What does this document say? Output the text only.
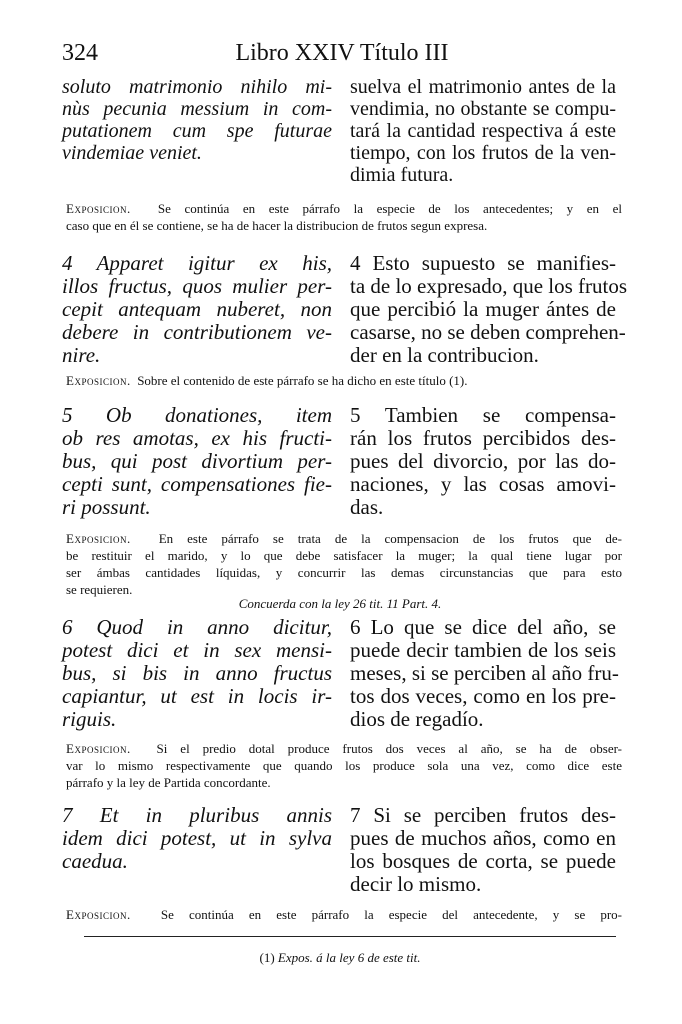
324	Libro XXIV Título III
soluto matrimonio nihilo mi-
nùs pecunia messium in com-
putationem cum spe futurae
vindemiae veniet.
suelva el matrimonio antes de la
vendimia, no obstante se compu-
tará la cantidad respectiva á este
tiempo, con los frutos de la ven-
dimia futura.
Exposicion. Se continúa en este párrafo la especie de los antecedentes; y en el
caso que en él se contiene, se ha de hacer la distribucion de frutos segun expresa.
4 Apparet igitur ex his,
illos fructus, quos mulier per-
cepit antequam nuberet, non
debere in contributionem ve-
nire.
4 Esto supuesto se manifies-
ta de lo expresado, que los frutos
que percibió la muger ántes de
casarse, no se deben comprehen-
der en la contribucion.
Exposicion. Sobre el contenido de este párrafo se ha dicho en este título (1).
5 Ob donationes, item
ob res amotas, ex his fructi-
bus, qui post divortium per-
cepti sunt, compensationes fie-
ri possunt.
5 Tambien se compensa-
rán los frutos percibidos des-
pues del divorcio, por las do-
naciones, y las cosas amovi-
das.
Exposicion. En este párrafo se trata de la compensacion de los frutos que de-
be restituir el marido, y lo que debe satisfacer la muger; la qual tiene lugar por
ser ámbas cantidades líquidas, y concurrir las demas circunstancias que para esto
se requieren.
Concuerda con la ley 26 tit. 11 Part. 4.
6 Quod in anno dicitur,
potest dici et in sex mensi-
bus, si bis in anno fructus
capiantur, ut est in locis ir-
riguis.
6 Lo que se dice del año, se
puede decir tambien de los seis
meses, si se perciben al año fru-
tos dos veces, como en los pre-
dios de regadío.
Exposicion. Si el predio dotal produce frutos dos veces al año, se ha de obser-
var lo mismo respectivamente que quando los produce sola una vez, como dice este
párrafo y la ley de Partida concordante.
7 Et in pluribus annis
idem dici potest, ut in sylva
caedua.
7 Si se perciben frutos des-
pues de muchos años, como en
los bosques de corta, se puede
decir lo mismo.
Exposicion. Se continúa en este párrafo la especie del antecedente, y se pro-
(1) Expos. á la ley 6 de este tit.
